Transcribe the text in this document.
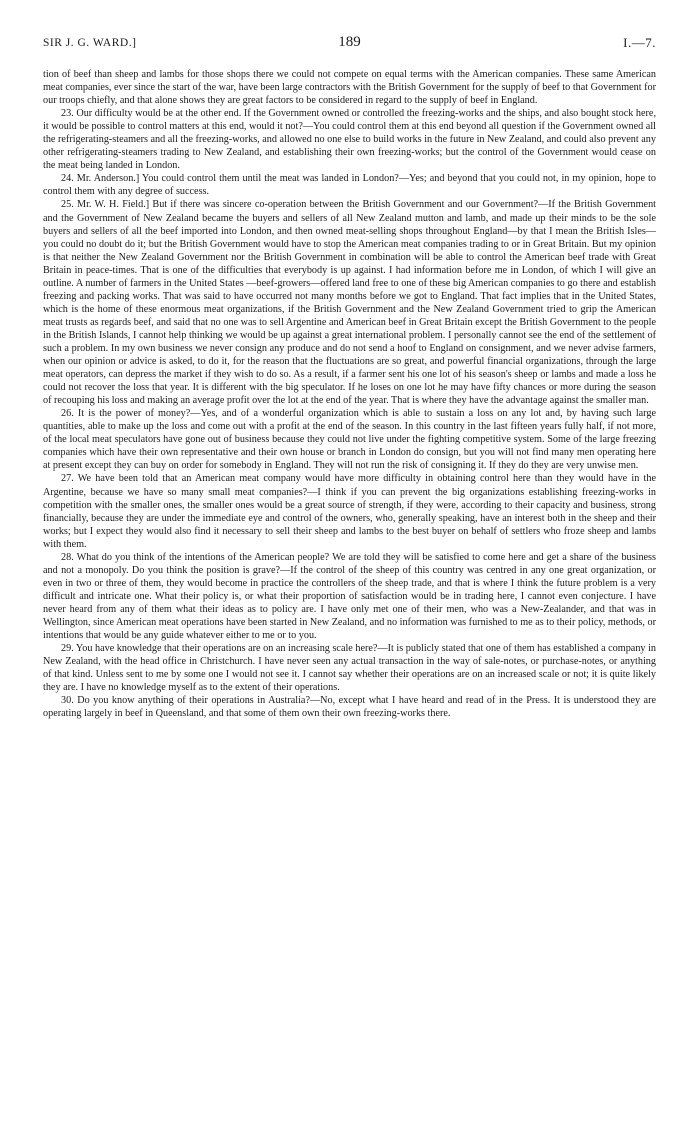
SIR J. G. WARD.]	189	I.—7.

tion of beef than sheep and lambs for those shops there we could not compete on equal terms with the American companies. These same American meat companies, ever since the start of the war, have been large contractors with the British Government for the supply of beef to that Government for our troops chiefly, and that alone shows they are great factors to be considered in regard to the supply of beef in England.

23. Our difficulty would be at the other end. If the Government owned or controlled the freezing-works and the ships, and also bought stock here, it would be possible to control matters at this end, would it not?—You could control them at this end beyond all question if the Government owned all the refrigerating-steamers and all the freezing-works, and allowed no one else to build works in the future in New Zealand, and could also prevent any other refrigerating-steamers trading to New Zealand, and establishing their own freezing-works; but the control of the Government would cease on the meat being landed in London.

24. Mr. Anderson.] You could control them until the meat was landed in London?—Yes; and beyond that you could not, in my opinion, hope to control them with any degree of success.

25. Mr. W. H. Field.] But if there was sincere co-operation between the British Government and our Government?—If the British Government and the Government of New Zealand became the buyers and sellers of all New Zealand mutton and lamb, and made up their minds to be the sole buyers and sellers of all the beef imported into London, and then owned meat-selling shops throughout England—by that I mean the British Isles—you could no doubt do it; but the British Government would have to stop the American meat companies trading to or in Great Britain. But my opinion is that neither the New Zealand Government nor the British Government in combination will be able to control the American beef trade with Great Britain in peace-times. That is one of the difficulties that everybody is up against. I had information before me in London, of which I will give an outline. A number of farmers in the United States —beef-growers—offered land free to one of these big American companies to go there and establish freezing and packing works. That was said to have occurred not many months before we got to England. That fact implies that in the United States, which is the home of these enormous meat organizations, if the British Government and the New Zealand Government tried to grip the American meat trusts as regards beef, and said that no one was to sell Argentine and American beef in Great Britain except the British Government to the people in the British Islands, I cannot help thinking we would be up against a great international problem. I personally cannot see the end of the settlement of such a problem. In my own business we never consign any produce and do not send a hoof to England on consignment, and we never advise farmers, when our opinion or advice is asked, to do it, for the reason that the fluctuations are so great, and powerful financial organizations, through the large meat operators, can depress the market if they wish to do so. As a result, if a farmer sent his one lot of his season's sheep or lambs and made a loss he could not recover the loss that year. It is different with the big speculator. If he loses on one lot he may have fifty chances or more during the season of recouping his loss and making an average profit over the lot at the end of the year. That is where they have the advantage against the smaller man.

26. It is the power of money?—Yes, and of a wonderful organization which is able to sustain a loss on any lot and, by having such large quantities, able to make up the loss and come out with a profit at the end of the season. In this country in the last fifteen years fully half, if not more, of the local meat speculators have gone out of business because they could not live under the fighting competitive system. Some of the large freezing companies which have their own representative and their own house or branch in London do consign, but you will not find many men operating here at present except they can buy on order for somebody in England. They will not run the risk of consigning it. If they do they are very unwise men.

27. We have been told that an American meat company would have more difficulty in obtaining control here than they would have in the Argentine, because we have so many small meat companies?—I think if you can prevent the big organizations establishing freezing-works in competition with the smaller ones, the smaller ones would be a great source of strength, if they were, according to their capacity and business, strong financially, because they are under the immediate eye and control of the owners, who, generally speaking, have an interest both in the sheep and their works; but I expect they would also find it necessary to sell their sheep and lambs to the best buyer on behalf of settlers who froze sheep and lambs with them.

28. What do you think of the intentions of the American people? We are told they will be satisfied to come here and get a share of the business and not a monopoly. Do you think the position is grave?—If the control of the sheep of this country was centred in any one great organization, or even in two or three of them, they would become in practice the controllers of the sheep trade, and that is where I think the future problem is a very difficult and intricate one. What their policy is, or what their proportion of satisfaction would be in trading here, I cannot even conjecture. I have never heard from any of them what their ideas as to policy are. I have only met one of their men, who was a New-Zealander, and that was in Wellington, since American meat operations have been started in New Zealand, and no information was furnished to me as to their policy, methods, or intentions that would be any guide whatever either to me or to you.

29. You have knowledge that their operations are on an increasing scale here?—It is publicly stated that one of them has established a company in New Zealand, with the head office in Christchurch. I have never seen any actual transaction in the way of sale-notes, or purchase-notes, or anything of that kind. Unless sent to me by some one I would not see it. I cannot say whether their operations are on an increased scale or not; it is quite likely they are. I have no knowledge myself as to the extent of their operations.

30. Do you know anything of their operations in Australia?—No, except what I have heard and read of in the Press. It is understood they are operating largely in beef in Queensland, and that some of them own their own freezing-works there.
